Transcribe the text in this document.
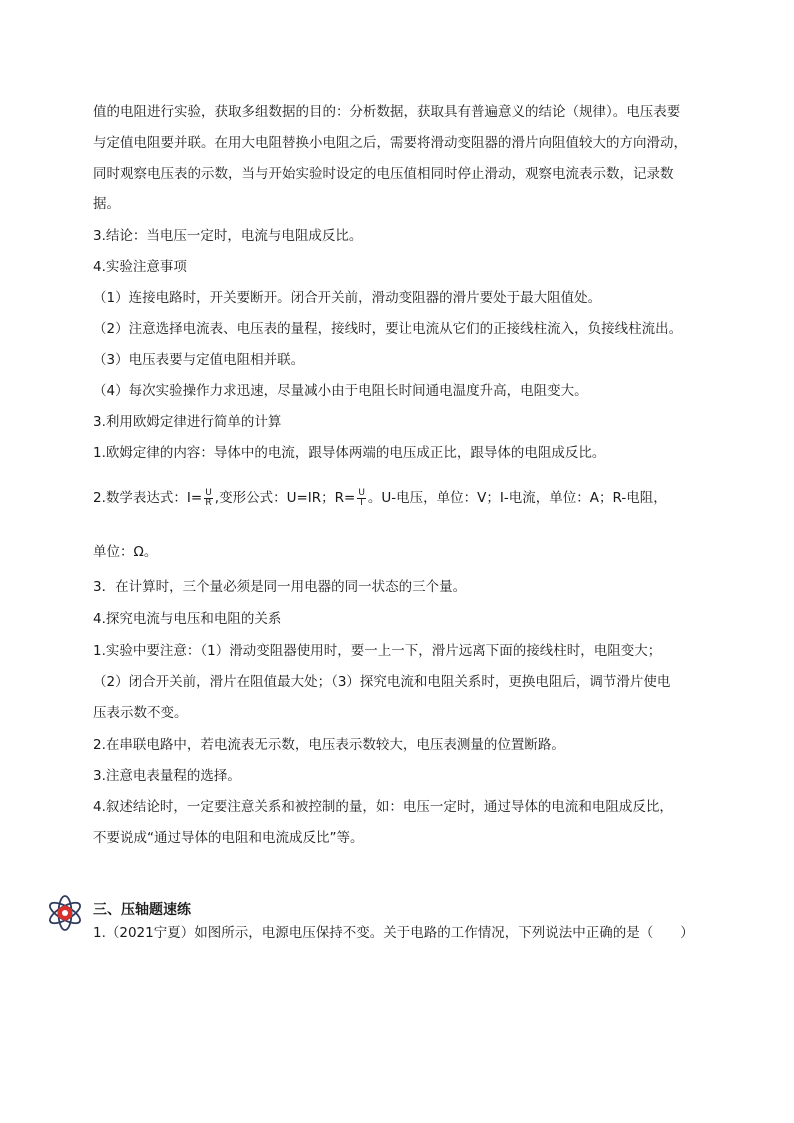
值的电阻进行实验，获取多组数据的目的：分析数据，获取具有普遍意义的结论（规律）。电压表要
与定值电阻要并联。在用大电阻替换小电阻之后，需要将滑动变阻器的滑片向阻值较大的方向滑动，
同时观察电压表的示数，当与开始实验时设定的电压值相同时停止滑动，观察电流表示数，记录数
据。
3.结论：当电压一定时，电流与电阻成反比。
4.实验注意事项
（1）连接电路时，开关要断开。闭合开关前，滑动变阻器的滑片要处于最大阻值处。
（2）注意选择电流表、电压表的量程，接线时，要让电流从它们的正接线柱流入，负接线柱流出。
（3）电压表要与定值电阻相并联。
（4）每次实验操作力求迅速，尽量减小由于电阻长时间通电温度升高，电阻变大。
3.利用欧姆定律进行简单的计算
1.欧姆定律的内容：导体中的电流，跟导体两端的电压成正比，跟导体的电阻成反比。
2.数学表达式：$I= \frac{U}{R}$ ,变形公式：U=IR；$R= \frac{U}{I}$ 。U-电压，单位：V；I-电流，单位：A；R-电阻，
单位：Ω。
3．在计算时，三个量必须是同一用电器的同一状态的三个量。
4.探究电流与电压和电阻的关系
1.实验中要注意：（1）滑动变阻器使用时，要一上一下，滑片远离下面的接线柱时，电阻变大；
（2）闭合开关前，滑片在阻值最大处；（3）探究电流和电阻关系时，更换电阻后，调节滑片使电
压表示数不变。
2.在串联电路中，若电流表无示数，电压表示数较大，电压表测量的位置断路。
3.注意电表量程的选择。
4.叙述结论时，一定要注意关系和被控制的量，如：电压一定时，通过导体的电流和电阻成反比，
不要说成“通过导体的电阻和电流成反比”等。
三、压轴题速练
1.（2021宁夏）如图所示，电源电压保持不变。关于电路的工作情况，下列说法中正确的是（　　）
